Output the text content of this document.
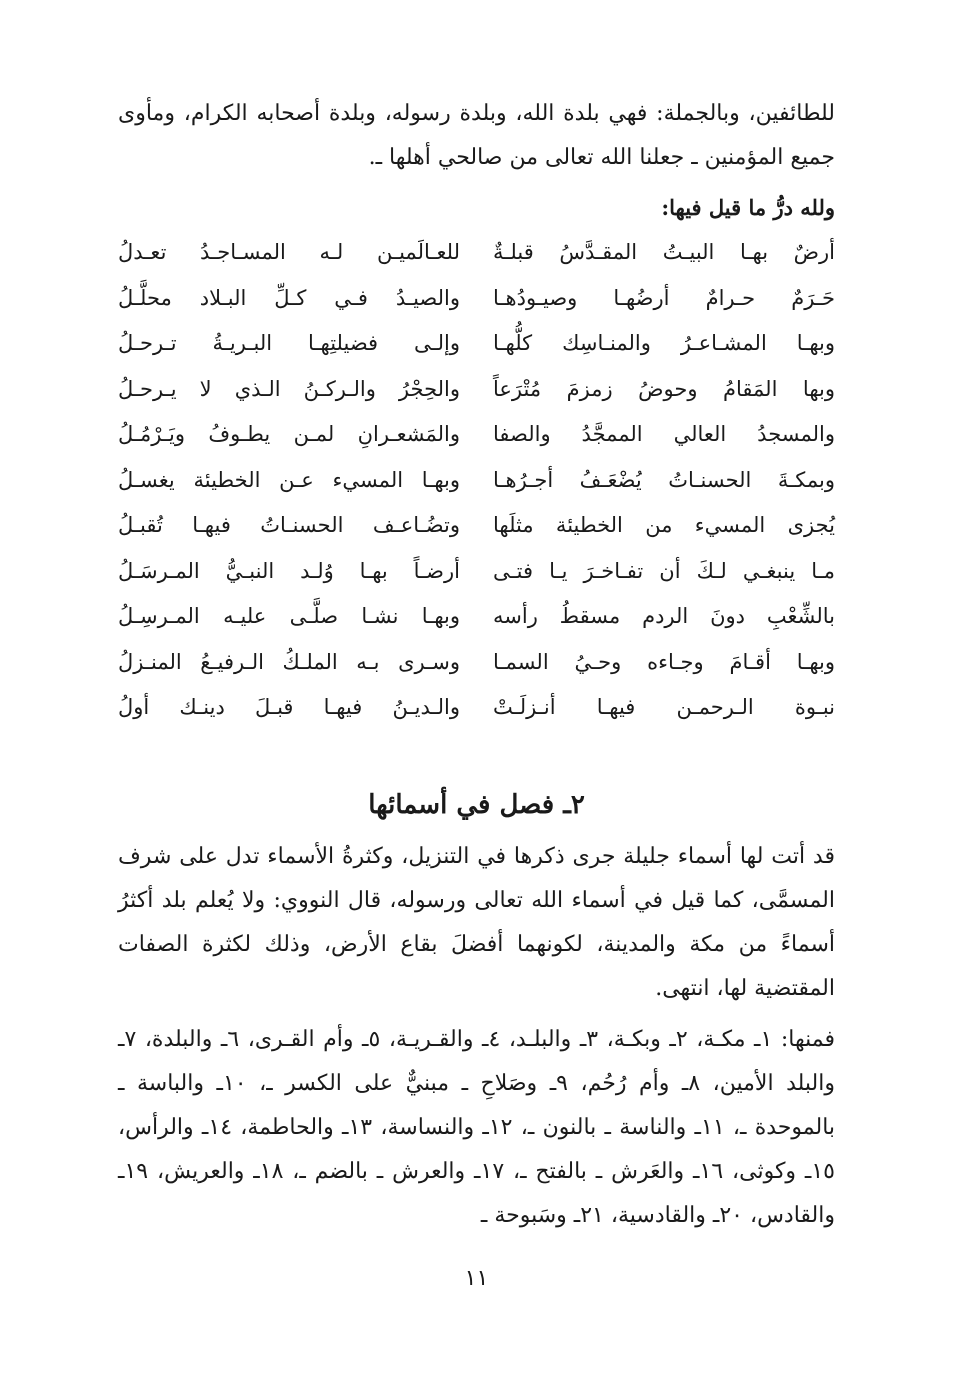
للطائفين، وبالجملة: فهي بلدة الله، وبلدة رسوله، وبلدة أصحابه الكرام، ومأوى جميع المؤمنين ـ جعلنا الله تعالى من صالحي أهلها ـ.

ولله درُّ ما قيل فيها:

أرضٌ بهـا البيـتُ المقـدَّسُ قبلـةٌ
للعـالَميـن لـه المسـاجـدُ تعـدلُ
حَـرَمٌ حـرامٌ أرضُهـا وصيـودُهـا
والصيـدُ فـي كـلِّ البـلاد محلَّـلُ
وبهـا المشـاعـرُ والمنـاسِك كلُّهـا
وإلـى فضيلتِهـا البـريـةُ تـرحـلُ
وبها المَقامُ وحوضُ زمزمَ مُتْرَعاً
والحِجْرُ والـركـنُ الـذي لا يـرحـلُ
والمسجدُ العالي الممجَّدُ والصفا
والمَشعـرانِ لمـن يطـوفُ ويَـرْمُـلُ
وبمكـةَ الحسنـاتُ يُضْعَـفُ أجـرُهـا
وبهـا المسيء عـن الخطيئة يغسـلُ
يُجزى المسيء من الخطيئة مثلَها
وتضُـاعـف الحسنـاتُ فيهـا تُقبـلُ
مـا ينبغـي لـكَ أن تفـاخـرَ يـا فتـى
أرضـاً بهـا وُلـد النبـيُّ المـرسَـلُ
بالشِّعْبِ دونَ الردم مسقطُ رأسه
وبهـا نشـا صلَّـى عليـه المـرسِـلُ
وبهـا أقـامَ وجـاءه وحـيُ السمـا
وسـرى بـه الملـكُ الـرفيـعُ المنـزلُ
نبـوة الـرحمـن فيهـا أنـزلَـتْ
والـديـنُ فيهـا قبـلَ دينـك أولُ
٢ـ فصل في أسمائها

قد أتت لها أسماء جليلة جرى ذكرها في التنزيل، وكثرةُ الأسماء تدل على شرف المسمَّى، كما قيل في أسماء الله تعالى ورسوله، قال النووي: ولا يُعلم بلد أكثرُ أسماءً من مكة والمدينة، لكونهما أفضلَ بقاع الأرض، وذلك لكثرة الصفات المقتضية لها، انتهى.

فمنها: ١ـ مكـة، ٢ـ وبكـة، ٣ـ والبلـد، ٤ـ والقـريـة، ٥ـ وأم القـرى، ٦ـ والبلدة، ٧ـ والبلد الأمين، ٨ـ وأم رُحُم، ٩ـ وصَلاحِ ـ مبنيٌّ على الكسر ـ، ١٠ـ والباسة ـ بالموحدة ـ، ١١ـ والناسة ـ بالنون ـ، ١٢ـ والنساسة، ١٣ـ والحاطمة، ١٤ـ والرأس، ١٥ـ وكوثى، ١٦ـ والعَرش ـ بالفتح ـ، ١٧ـ والعرش ـ بالضم ـ، ١٨ـ والعريش، ١٩ـ والقادس، ٢٠ـ والقادسية، ٢١ـ وسَبوحة ـ

١١
